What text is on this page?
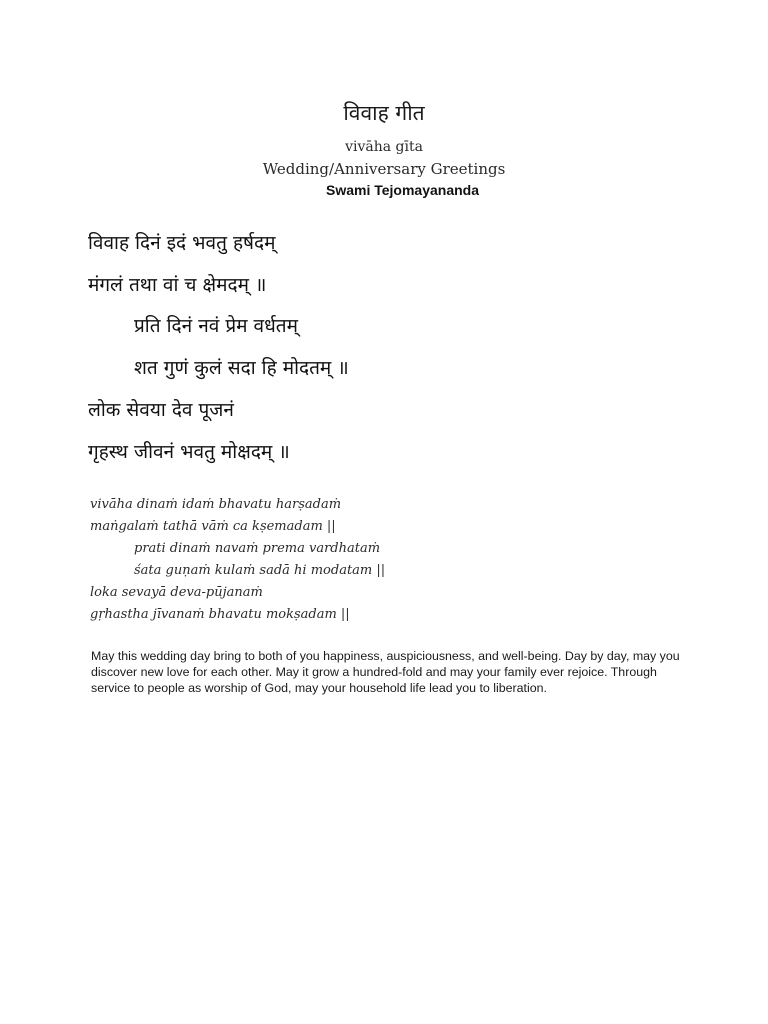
विवाह गीत
vivāha gīta
Wedding/Anniversary Greetings
Swami Tejomayananda
विवाह दिनं इदं भवतु हर्षदम्
मंगलं तथा वां च क्षेमदम् ॥
प्रति दिनं नवं प्रेम वर्धतम्
शत गुणं कुलं सदा हि मोदतम् ॥
लोक सेवया देव पूजनं
गृहस्थ जीवनं भवतु मोक्षदम् ॥
vivāha dinaṁ idaṁ bhavatu harṣadaṁ
maṅgalaṁ tathā vāṁ ca kṣemadam ||
prati dinaṁ navaṁ prema vardhataṁ
śata guṇaṁ kulaṁ sadā hi modatam ||
loka sevayā deva-pūjanaṁ
gṛhastha jīvanaṁ bhavatu mokṣadam ||
May this wedding day bring to both of you happiness, auspiciousness, and well-being. Day by day, may you discover new love for each other. May it grow a hundred-fold and may your family ever rejoice. Through service to people as worship of God, may your household life lead you to liberation.
